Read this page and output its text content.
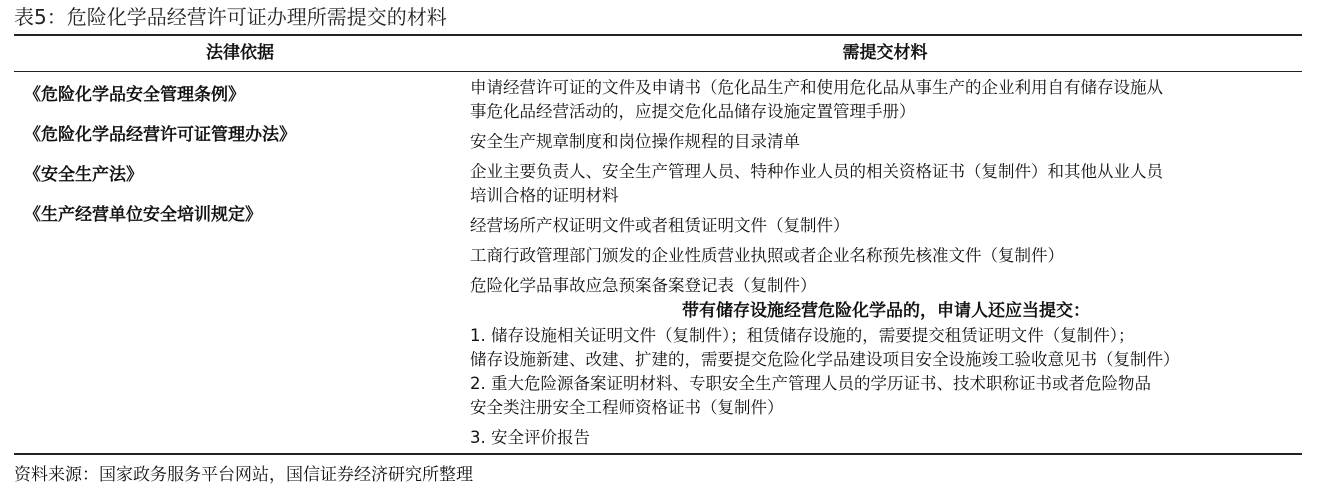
表5：危险化学品经营许可证办理所需提交的材料
法律依据	需提交材料
《危险化学品安全管理条例》
《危险化学品经营许可证管理办法》
《安全生产法》
《生产经营单位安全培训规定》
申请经营许可证的文件及申请书（危化品生产和使用危化品从事生产的企业利用自有储存设施从
事危化品经营活动的，应提交危化品储存设施定置管理手册）
安全生产规章制度和岗位操作规程的目录清单
企业主要负责人、安全生产管理人员、特种作业人员的相关资格证书（复制件）和其他从业人员
培训合格的证明材料
经营场所产权证明文件或者租赁证明文件（复制件）
工商行政管理部门颁发的企业性质营业执照或者企业名称预先核准文件（复制件）
危险化学品事故应急预案备案登记表（复制件）
带有储存设施经营危险化学品的，申请人还应当提交：
1. 储存设施相关证明文件（复制件）；租赁储存设施的，需要提交租赁证明文件（复制件）；
储存设施新建、改建、扩建的，需要提交危险化学品建设项目安全设施竣工验收意见书（复制件）
2. 重大危险源备案证明材料、专职安全生产管理人员的学历证书、技术职称证书或者危险物品
安全类注册安全工程师资格证书（复制件）
3. 安全评价报告
资料来源：国家政务服务平台网站，国信证券经济研究所整理
